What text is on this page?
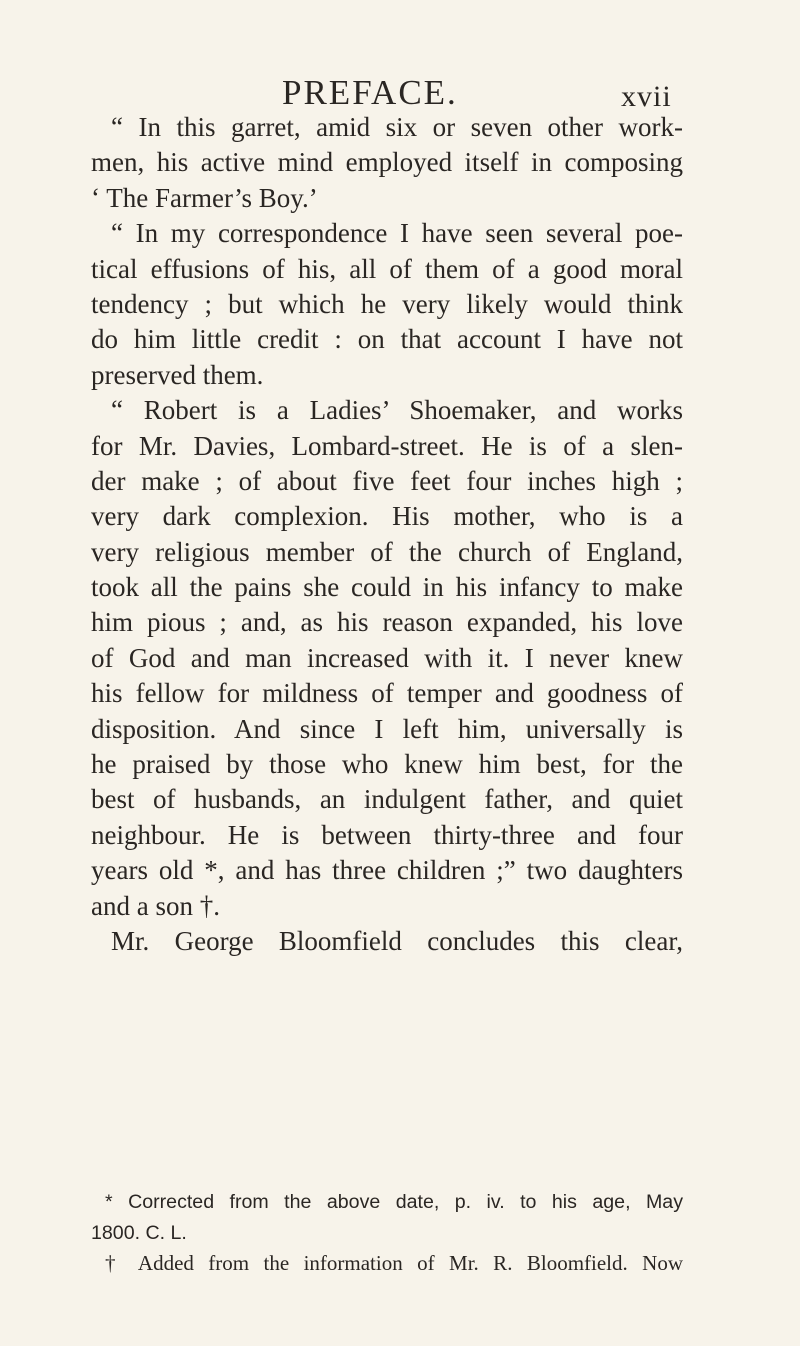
PREFACE.	xvii
“ In this garret, amid six or seven other work-
men, his active mind employed itself in composing
‘ The Farmer’s Boy.’
“ In my correspondence I have seen several poe-
tical effusions of his, all of them of a good moral
tendency ; but which he very likely would think
do him little credit : on that account I have not
preserved them.
“ Robert is a Ladies’ Shoemaker, and works
for Mr. Davies, Lombard-street. He is of a slen-
der make ; of about five feet four inches high ;
very dark complexion. His mother, who is a
very religious member of the church of England,
took all the pains she could in his infancy to make
him pious ; and, as his reason expanded, his love
of God and man increased with it. I never knew
his fellow for mildness of temper and goodness of
disposition. And since I left him, universally is
he praised by those who knew him best, for the
best of husbands, an indulgent father, and quiet
neighbour. He is between thirty-three and four
years old *, and has three children ;” two daughters
and a son †.
Mr. George Bloomfield concludes this clear,
* Corrected from the above date, p. iv. to his age, May
1800. C. L.
† Added from the information of Mr. R. Bloomfield. Now
